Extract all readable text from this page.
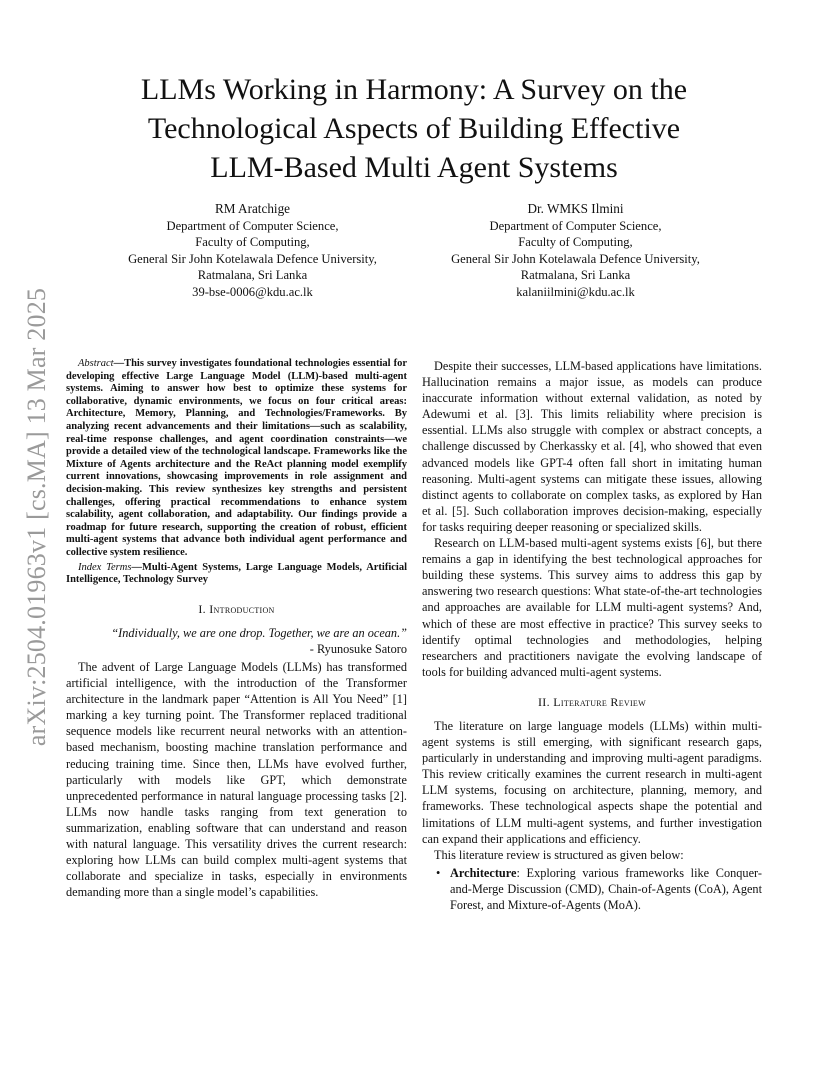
arXiv:2504.01963v1 [cs.MA] 13 Mar 2025
LLMs Working in Harmony: A Survey on the
Technological Aspects of Building Effective
LLM-Based Multi Agent Systems
RM Aratchige
Department of Computer Science,
Faculty of Computing,
General Sir John Kotelawala Defence University,
Ratmalana, Sri Lanka
39-bse-0006@kdu.ac.lk
Dr. WMKS Ilmini
Department of Computer Science,
Faculty of Computing,
General Sir John Kotelawala Defence University,
Ratmalana, Sri Lanka
kalaniilmini@kdu.ac.lk

Abstract—This survey investigates foundational technologies essential for developing effective Large Language Model (LLM)-based multi-agent systems. Aiming to answer how best to optimize these systems for collaborative, dynamic environments, we focus on four critical areas: Architecture, Memory, Planning, and Technologies/Frameworks. By analyzing recent advancements and their limitations—such as scalability, real-time response challenges, and agent coordination constraints—we provide a detailed view of the technological landscape. Frameworks like the Mixture of Agents architecture and the ReAct planning model exemplify current innovations, showcasing improvements in role assignment and decision-making. This review synthesizes key strengths and persistent challenges, offering practical recommendations to enhance system scalability, agent collaboration, and adaptability. Our findings provide a roadmap for future research, supporting the creation of robust, efficient multi-agent systems that advance both individual agent performance and collective system resilience.

Index Terms—Multi-Agent Systems, Large Language Models, Artificial Intelligence, Technology Survey

I. Introduction

“Individually, we are one drop. Together, we are an ocean.”

- Ryunosuke Satoro

The advent of Large Language Models (LLMs) has transformed artificial intelligence, with the introduction of the Transformer architecture in the landmark paper “Attention is All You Need” [1] marking a key turning point. The Transformer replaced traditional sequence models like recurrent neural networks with an attention-based mechanism, boosting machine translation performance and reducing training time. Since then, LLMs have evolved further, particularly with models like GPT, which demonstrate unprecedented performance in natural language processing tasks [2]. LLMs now handle tasks ranging from text generation to summarization, enabling software that can understand and reason with natural language. This versatility drives the current research: exploring how LLMs can build complex multi-agent systems that collaborate and specialize in tasks, especially in environments demanding more than a single model’s capabilities.

Despite their successes, LLM-based applications have limitations. Hallucination remains a major issue, as models can produce inaccurate information without external validation, as noted by Adewumi et al. [3]. This limits reliability where precision is essential. LLMs also struggle with complex or abstract concepts, a challenge discussed by Cherkassky et al. [4], who showed that even advanced models like GPT-4 often fall short in imitating human reasoning. Multi-agent systems can mitigate these issues, allowing distinct agents to collaborate on complex tasks, as explored by Han et al. [5]. Such collaboration improves decision-making, especially for tasks requiring deeper reasoning or specialized skills.

Research on LLM-based multi-agent systems exists [6], but there remains a gap in identifying the best technological approaches for building these systems. This survey aims to address this gap by answering two research questions: What state-of-the-art technologies and approaches are available for LLM multi-agent systems? And, which of these are most effective in practice? This survey seeks to identify optimal technologies and methodologies, helping researchers and practitioners navigate the evolving landscape of tools for building advanced multi-agent systems.

II. Literature Review

The literature on large language models (LLMs) within multi-agent systems is still emerging, with significant research gaps, particularly in understanding and improving multi-agent paradigms. This review critically examines the current research in multi-agent LLM systems, focusing on architecture, planning, memory, and frameworks. These technological aspects shape the potential and limitations of LLM multi-agent systems, and further investigation can expand their applications and efficiency.

This literature review is structured as given below:

• Architecture: Exploring various frameworks like Conquer-and-Merge Discussion (CMD), Chain-of-Agents (CoA), Agent Forest, and Mixture-of-Agents (MoA).
